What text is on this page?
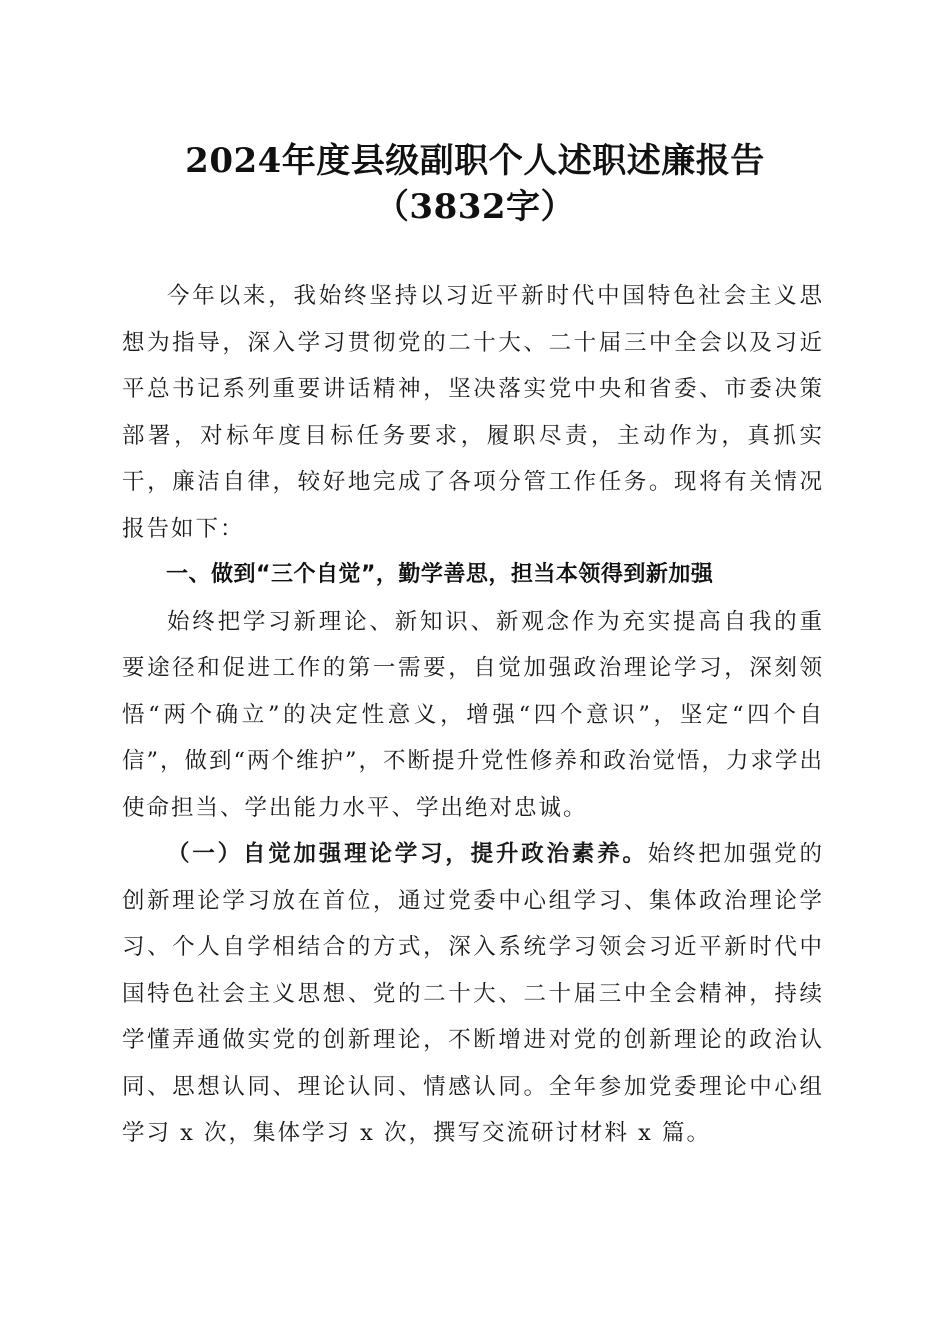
2024年度县级副职个人述职述廉报告（3832字）

今年以来，我始终坚持以习近平新时代中国特色社会主义思想为指导，深入学习贯彻党的二十大、二十届三中全会以及习近平总书记系列重要讲话精神，坚决落实党中央和省委、市委决策部署，对标年度目标任务要求，履职尽责，主动作为，真抓实干，廉洁自律，较好地完成了各项分管工作任务。现将有关情况报告如下：

一、做到“三个自觉”，勤学善思，担当本领得到新加强

始终把学习新理论、新知识、新观念作为充实提高自我的重要途径和促进工作的第一需要，自觉加强政治理论学习，深刻领悟“两个确立”的决定性意义，增强“四个意识”，坚定“四个自信”，做到“两个维护”，不断提升党性修养和政治觉悟，力求学出使命担当、学出能力水平、学出绝对忠诚。

（一）自觉加强理论学习，提升政治素养。始终把加强党的创新理论学习放在首位，通过党委中心组学习、集体政治理论学习、个人自学相结合的方式，深入系统学习领会习近平新时代中国特色社会主义思想、党的二十大、二十届三中全会精神，持续学懂弄通做实党的创新理论，不断增进对党的创新理论的政治认同、思想认同、理论认同、情感认同。全年参加党委理论中心组学习 x 次，集体学习 x 次，撰写交流研讨材料 x 篇。
